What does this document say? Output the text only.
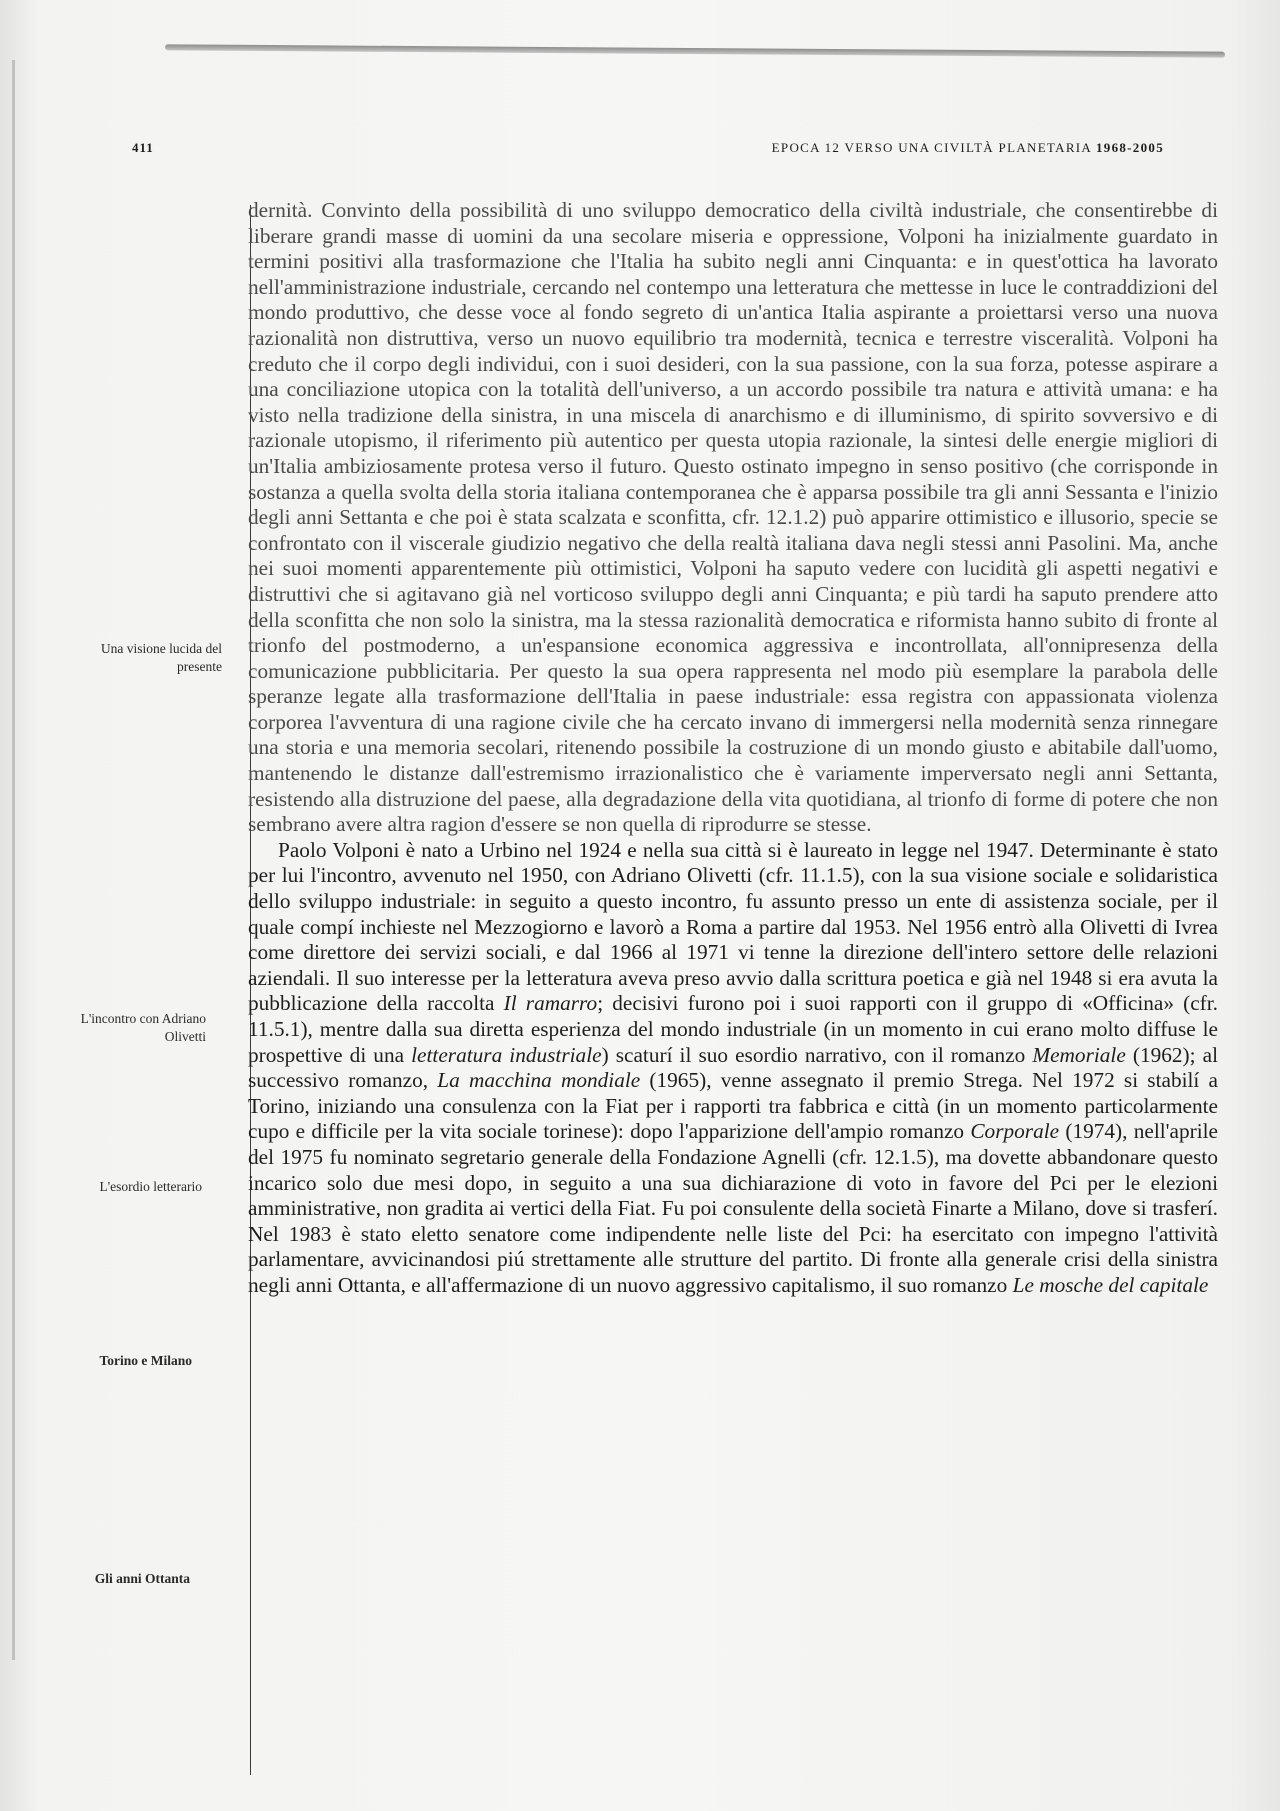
411	EPOCA 12 VERSO UNA CIVILTÀ PLANETARIA 1968-2005
Una visione lucida del presente
L'incontro con Adriano Olivetti
L'esordio letterario
Torino e Milano
Gli anni Ottanta

dernità. Convinto della possibilità di uno sviluppo democratico della civiltà industriale, che consentirebbe di liberare grandi masse di uomini da una secolare miseria e oppressione, Volponi ha inizialmente guardato in termini positivi alla trasformazione che l'Italia ha subito negli anni Cinquanta: e in quest'ottica ha lavorato nell'amministrazione industriale, cercando nel contempo una letteratura che mettesse in luce le contraddizioni del mondo produttivo, che desse voce al fondo segreto di un'antica Italia aspirante a proiettarsi verso una nuova razionalità non distruttiva, verso un nuovo equilibrio tra modernità, tecnica e terrestre visceralità. Volponi ha creduto che il corpo degli individui, con i suoi desideri, con la sua passione, con la sua forza, potesse aspirare a una conciliazione utopica con la totalità dell'universo, a un accordo possibile tra natura e attività umana: e ha visto nella tradizione della sinistra, in una miscela di anarchismo e di illuminismo, di spirito sovversivo e di razionale utopismo, il riferimento più autentico per questa utopia razionale, la sintesi delle energie migliori di un'Italia ambiziosamente protesa verso il futuro. Questo ostinato impegno in senso positivo (che corrisponde in sostanza a quella svolta della storia italiana contemporanea che è apparsa possibile tra gli anni Sessanta e l'inizio degli anni Settanta e che poi è stata scalzata e sconfitta, cfr. 12.1.2) può apparire ottimistico e illusorio, specie se confrontato con il viscerale giudizio negativo che della realtà italiana dava negli stessi anni Pasolini. Ma, anche nei suoi momenti apparentemente più ottimistici, Volponi ha saputo vedere con lucidità gli aspetti negativi e distruttivi che si agitavano già nel vorticoso sviluppo degli anni Cinquanta; e più tardi ha saputo prendere atto della sconfitta che non solo la sinistra, ma la stessa razionalità democratica e riformista hanno subito di fronte al trionfo del postmoderno, a un'espansione economica aggressiva e incontrollata, all'onnipresenza della comunicazione pubblicitaria. Per questo la sua opera rappresenta nel modo più esemplare la parabola delle speranze legate alla trasformazione dell'Italia in paese industriale: essa registra con appassionata violenza corporea l'avventura di una ragione civile che ha cercato invano di immergersi nella modernità senza rinnegare una storia e una memoria secolari, ritenendo possibile la costruzione di un mondo giusto e abitabile dall'uomo, mantenendo le distanze dall'estremismo irrazionalistico che è variamente imperversato negli anni Settanta, resistendo alla distruzione del paese, alla degradazione della vita quotidiana, al trionfo di forme di potere che non sembrano avere altra ragion d'essere se non quella di riprodurre se stesse.

Paolo Volponi è nato a Urbino nel 1924 e nella sua città si è laureato in legge nel 1947. Determinante è stato per lui l'incontro, avvenuto nel 1950, con Adriano Olivetti (cfr. 11.1.5), con la sua visione sociale e solidaristica dello sviluppo industriale: in seguito a questo incontro, fu assunto presso un ente di assistenza sociale, per il quale compí inchieste nel Mezzogiorno e lavorò a Roma a partire dal 1953. Nel 1956 entrò alla Olivetti di Ivrea come direttore dei servizi sociali, e dal 1966 al 1971 vi tenne la direzione dell'intero settore delle relazioni aziendali. Il suo interesse per la letteratura aveva preso avvio dalla scrittura poetica e già nel 1948 si era avuta la pubblicazione della raccolta Il ramarro; decisivi furono poi i suoi rapporti con il gruppo di «Officina» (cfr. 11.5.1), mentre dalla sua diretta esperienza del mondo industriale (in un momento in cui erano molto diffuse le prospettive di una letteratura industriale) scaturí il suo esordio narrativo, con il romanzo Memoriale (1962); al successivo romanzo, La macchina mondiale (1965), venne assegnato il premio Strega. Nel 1972 si stabilí a Torino, iniziando una consulenza con la Fiat per i rapporti tra fabbrica e città (in un momento particolarmente cupo e difficile per la vita sociale torinese): dopo l'apparizione dell'ampio romanzo Corporale (1974), nell'aprile del 1975 fu nominato segretario generale della Fondazione Agnelli (cfr. 12.1.5), ma dovette abbandonare questo incarico solo due mesi dopo, in seguito a una sua dichiarazione di voto in favore del Pci per le elezioni amministrative, non gradita ai vertici della Fiat. Fu poi consulente della società Finarte a Milano, dove si trasferí. Nel 1983 è stato eletto senatore come indipendente nelle liste del Pci: ha esercitato con impegno l'attività parlamentare, avvicinandosi piú strettamente alle strutture del partito. Di fronte alla generale crisi della sinistra negli anni Ottanta, e all'affermazione di un nuovo aggressivo capitalismo, il suo romanzo Le mosche del capitale
